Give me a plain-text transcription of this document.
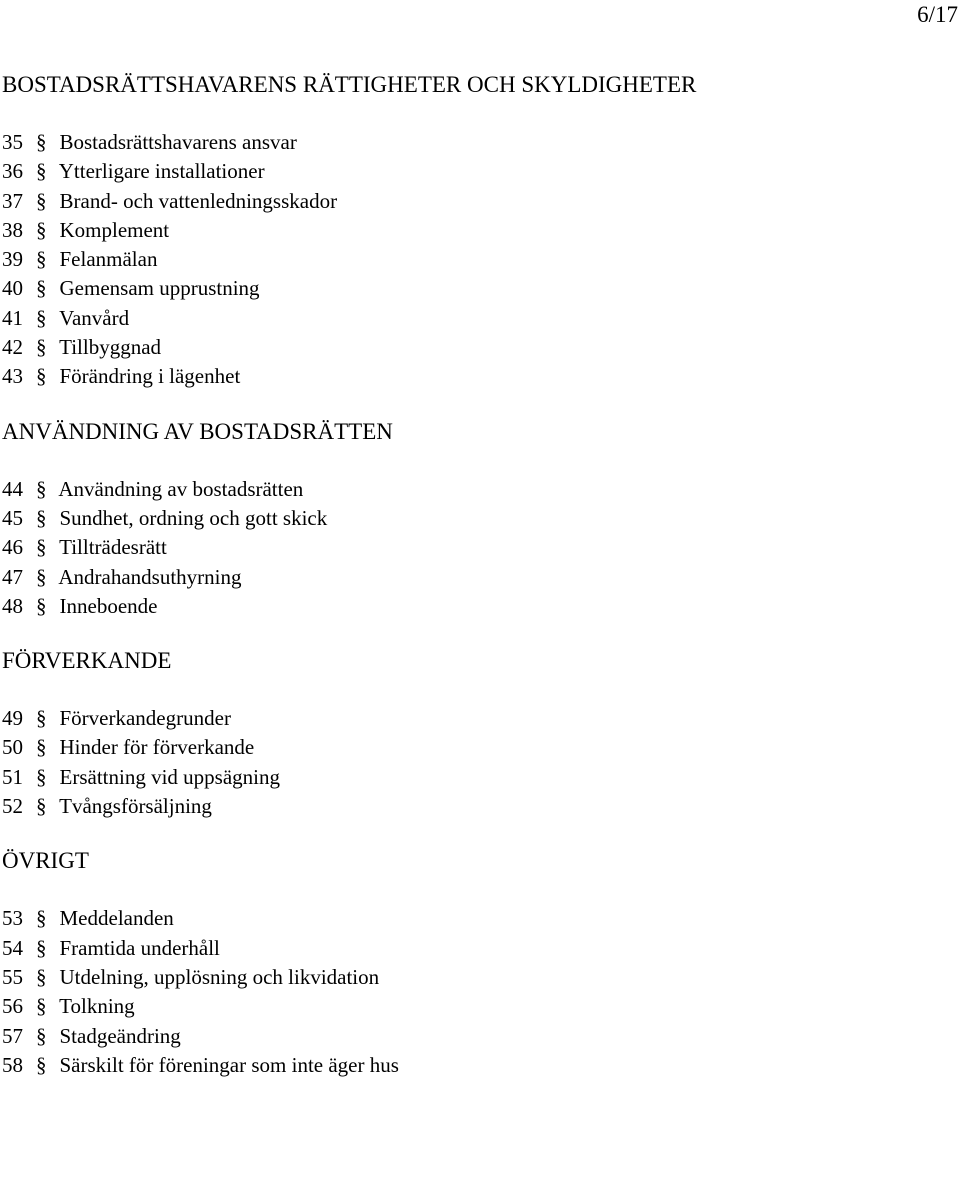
6/17
BOSTADSRÄTTSHAVARENS RÄTTIGHETER OCH SKYLDIGHETER
35 § Bostadsrättshavarens ansvar
36 § Ytterligare installationer
37 § Brand- och vattenledningsskador
38 § Komplement
39 § Felanmälan
40 § Gemensam upprustning
41 § Vanvård
42 § Tillbyggnad
43 § Förändring i lägenhet
ANVÄNDNING AV BOSTADSRÄTTEN
44 § Användning av bostadsrätten
45 § Sundhet, ordning och gott skick
46 § Tillträdesrätt
47 § Andrahandsuthyrning
48 § Inneboende
FÖRVERKANDE
49 § Förverkandegrunder
50 § Hinder för förverkande
51 § Ersättning vid uppsägning
52 § Tvångsförsäljning
ÖVRIGT
53 § Meddelanden
54 § Framtida underhåll
55 § Utdelning, upplösning och likvidation
56 § Tolkning
57 § Stadgeändring
58 § Särskilt för föreningar som inte äger hus
